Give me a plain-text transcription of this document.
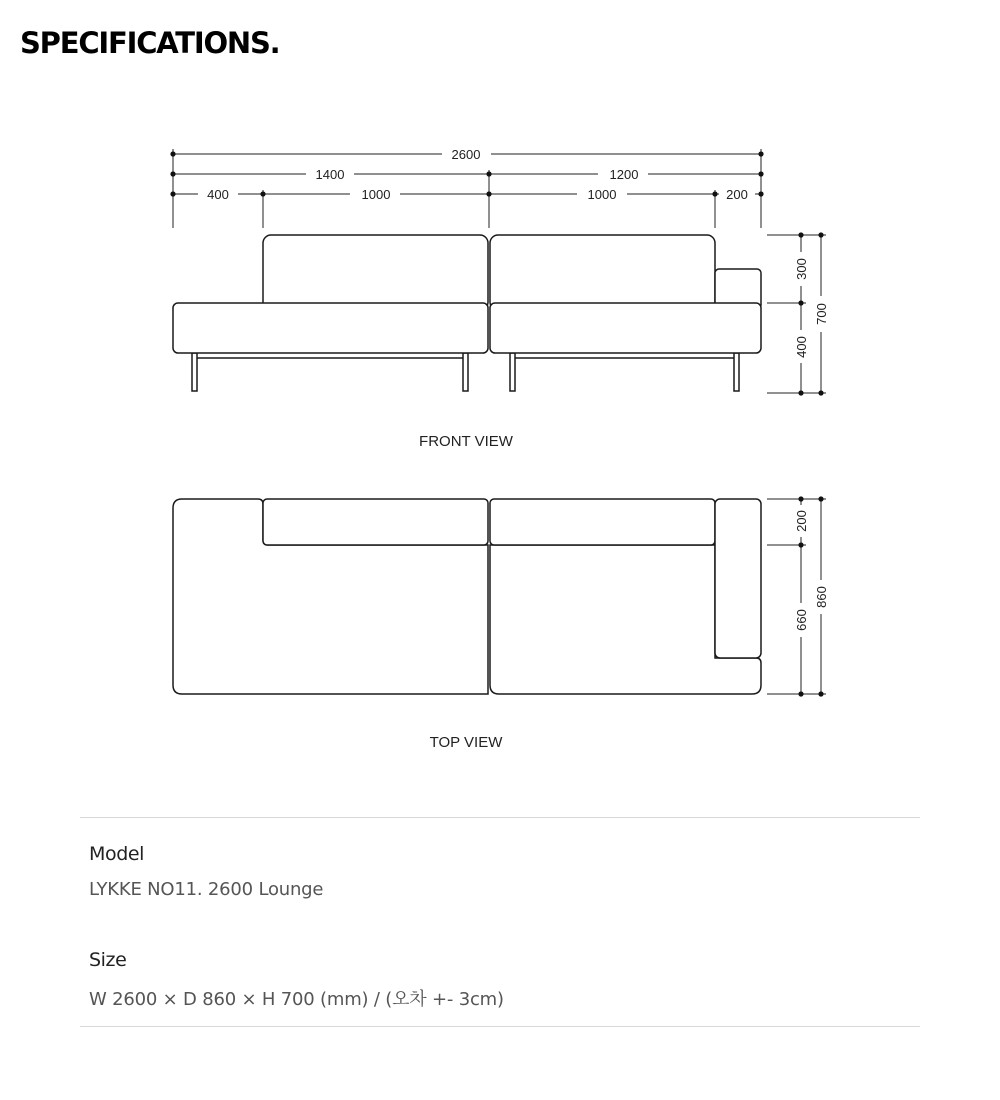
SPECIFICATIONS.
2600
1400	1200
400	1000	1000	200
300
400
700
FRONT VIEW
200
660
860
TOP VIEW
Model
LYKKE NO11. 2600 Lounge
Size
W 2600 × D 860 × H 700 (mm) / (오차 +- 3cm)
